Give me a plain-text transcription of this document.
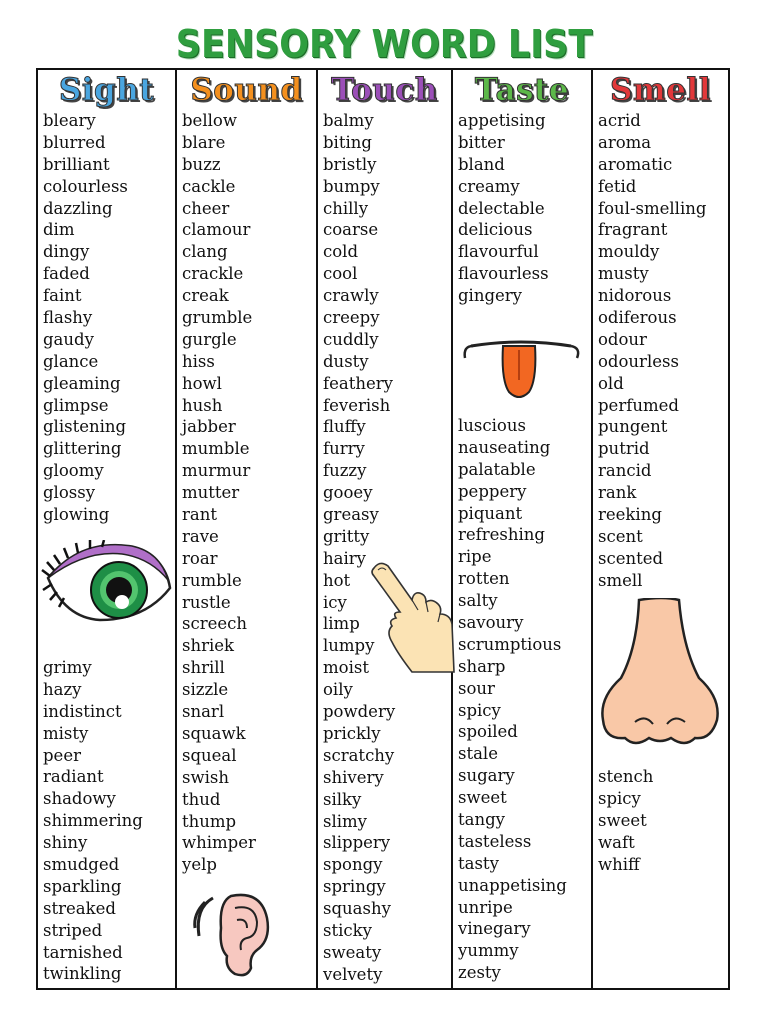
SENSORY WORD LIST
Sight
bleary
blurred
brilliant
colourless
dazzling
dim
dingy
faded
faint
flashy
gaudy
glance
gleaming
glimpse
glistening
glittering
gloomy
glossy
glowing
grimy
hazy
indistinct
misty
peer
radiant
shadowy
shimmering
shiny
smudged
sparkling
streaked
striped
tarnished
twinkling
Sound
bellow
blare
buzz
cackle
cheer
clamour
clang
crackle
creak
grumble
gurgle
hiss
howl
hush
jabber
mumble
murmur
mutter
rant
rave
roar
rumble
rustle
screech
shriek
shrill
sizzle
snarl
squawk
squeal
swish
thud
thump
whimper
yelp
Touch
balmy
biting
bristly
bumpy
chilly
coarse
cold
cool
crawly
creepy
cuddly
dusty
feathery
feverish
fluffy
furry
fuzzy
gooey
greasy
gritty
hairy
hot
icy
limp
lumpy
moist
oily
powdery
prickly
scratchy
shivery
silky
slimy
slippery
spongy
springy
squashy
sticky
sweaty
velvety
Taste
appetising
bitter
bland
creamy
delectable
delicious
flavourful
flavourless
gingery
luscious
nauseating
palatable
peppery
piquant
refreshing
ripe
rotten
salty
savoury
scrumptious
sharp
sour
spicy
spoiled
stale
sugary
sweet
tangy
tasteless
tasty
unappetising
unripe
vinegary
yummy
zesty
Smell
acrid
aroma
aromatic
fetid
foul-smelling
fragrant
mouldy
musty
nidorous
odiferous
odour
odourless
old
perfumed
pungent
putrid
rancid
rank
reeking
scent
scented
smell
stench
spicy
sweet
waft
whiff
